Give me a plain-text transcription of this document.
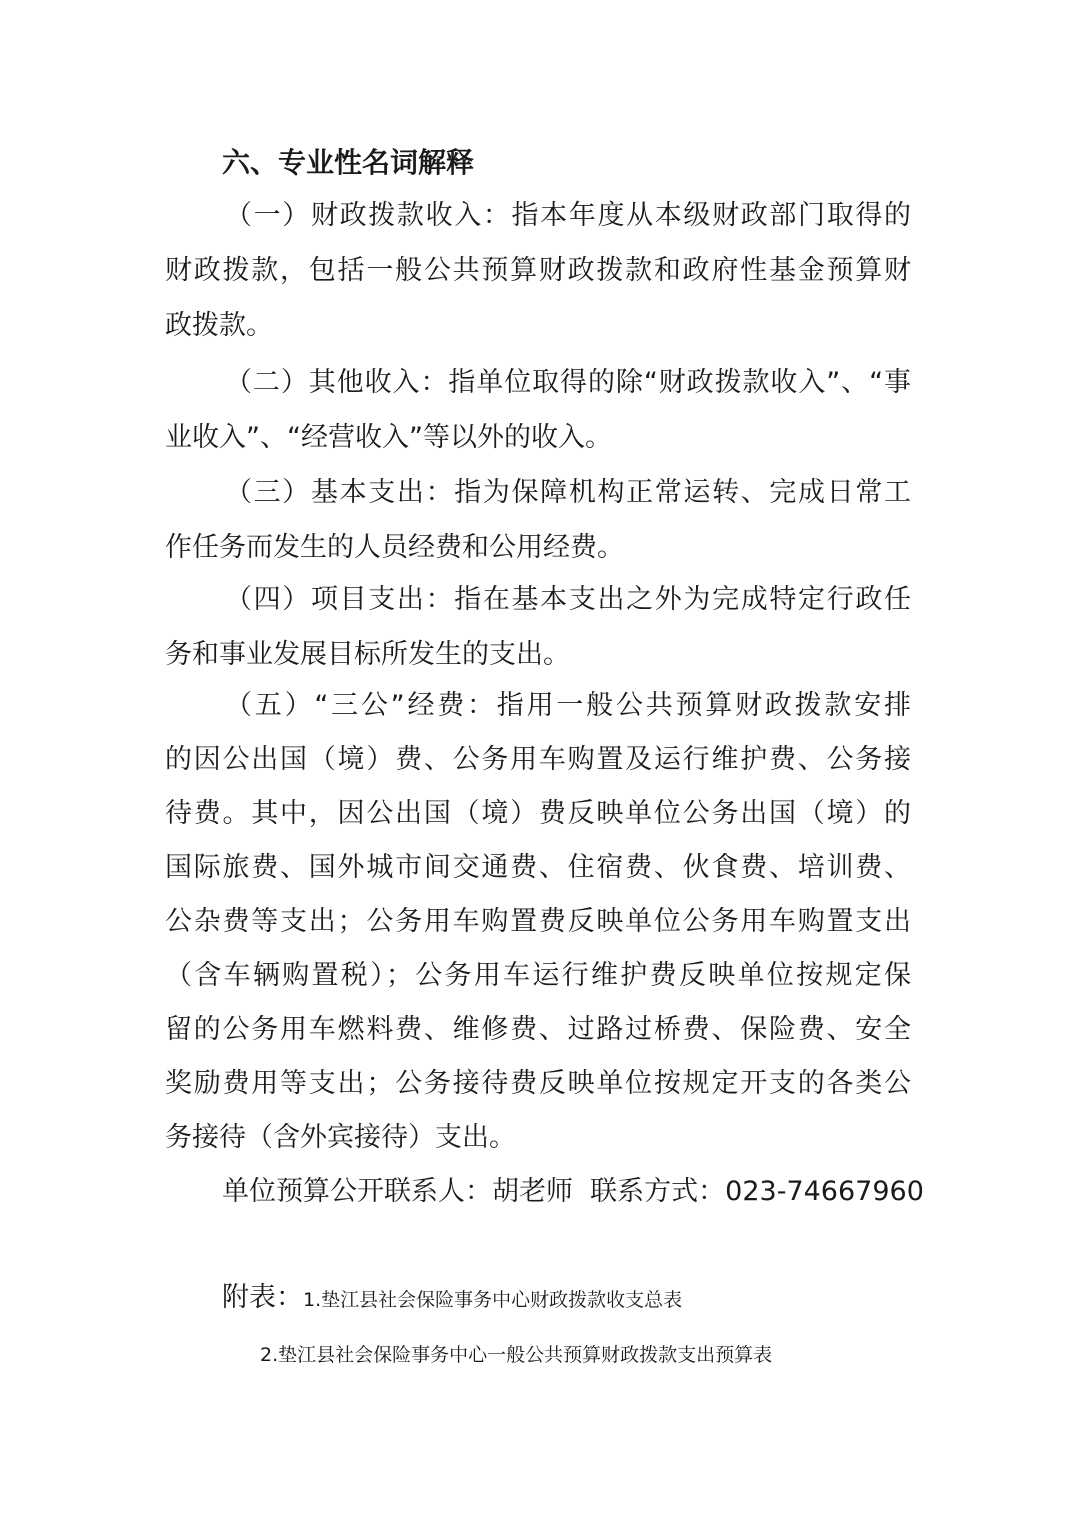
六、专业性名词解释
（一）财政拨款收入：指本年度从本级财政部门取得的
财政拨款，包括一般公共预算财政拨款和政府性基金预算财
政拨款。
（二）其他收入：指单位取得的除“财政拨款收入”、“事
业收入”、“经营收入”等以外的收入。
（三）基本支出：指为保障机构正常运转、完成日常工
作任务而发生的人员经费和公用经费。
（四）项目支出：指在基本支出之外为完成特定行政任
务和事业发展目标所发生的支出。
（五）“三公”经费：指用一般公共预算财政拨款安排
的因公出国（境）费、公务用车购置及运行维护费、公务接
待费。其中，因公出国（境）费反映单位公务出国（境）的
国际旅费、国外城市间交通费、住宿费、伙食费、培训费、
公杂费等支出；公务用车购置费反映单位公务用车购置支出
（含车辆购置税）；公务用车运行维护费反映单位按规定保
留的公务用车燃料费、维修费、过路过桥费、保险费、安全
奖励费用等支出；公务接待费反映单位按规定开支的各类公
务接待（含外宾接待）支出。
单位预算公开联系人：胡老师  联系方式：023-74667960
附表：1.垫江县社会保险事务中心财政拨款收支总表
2.垫江县社会保险事务中心一般公共预算财政拨款支出预算表
